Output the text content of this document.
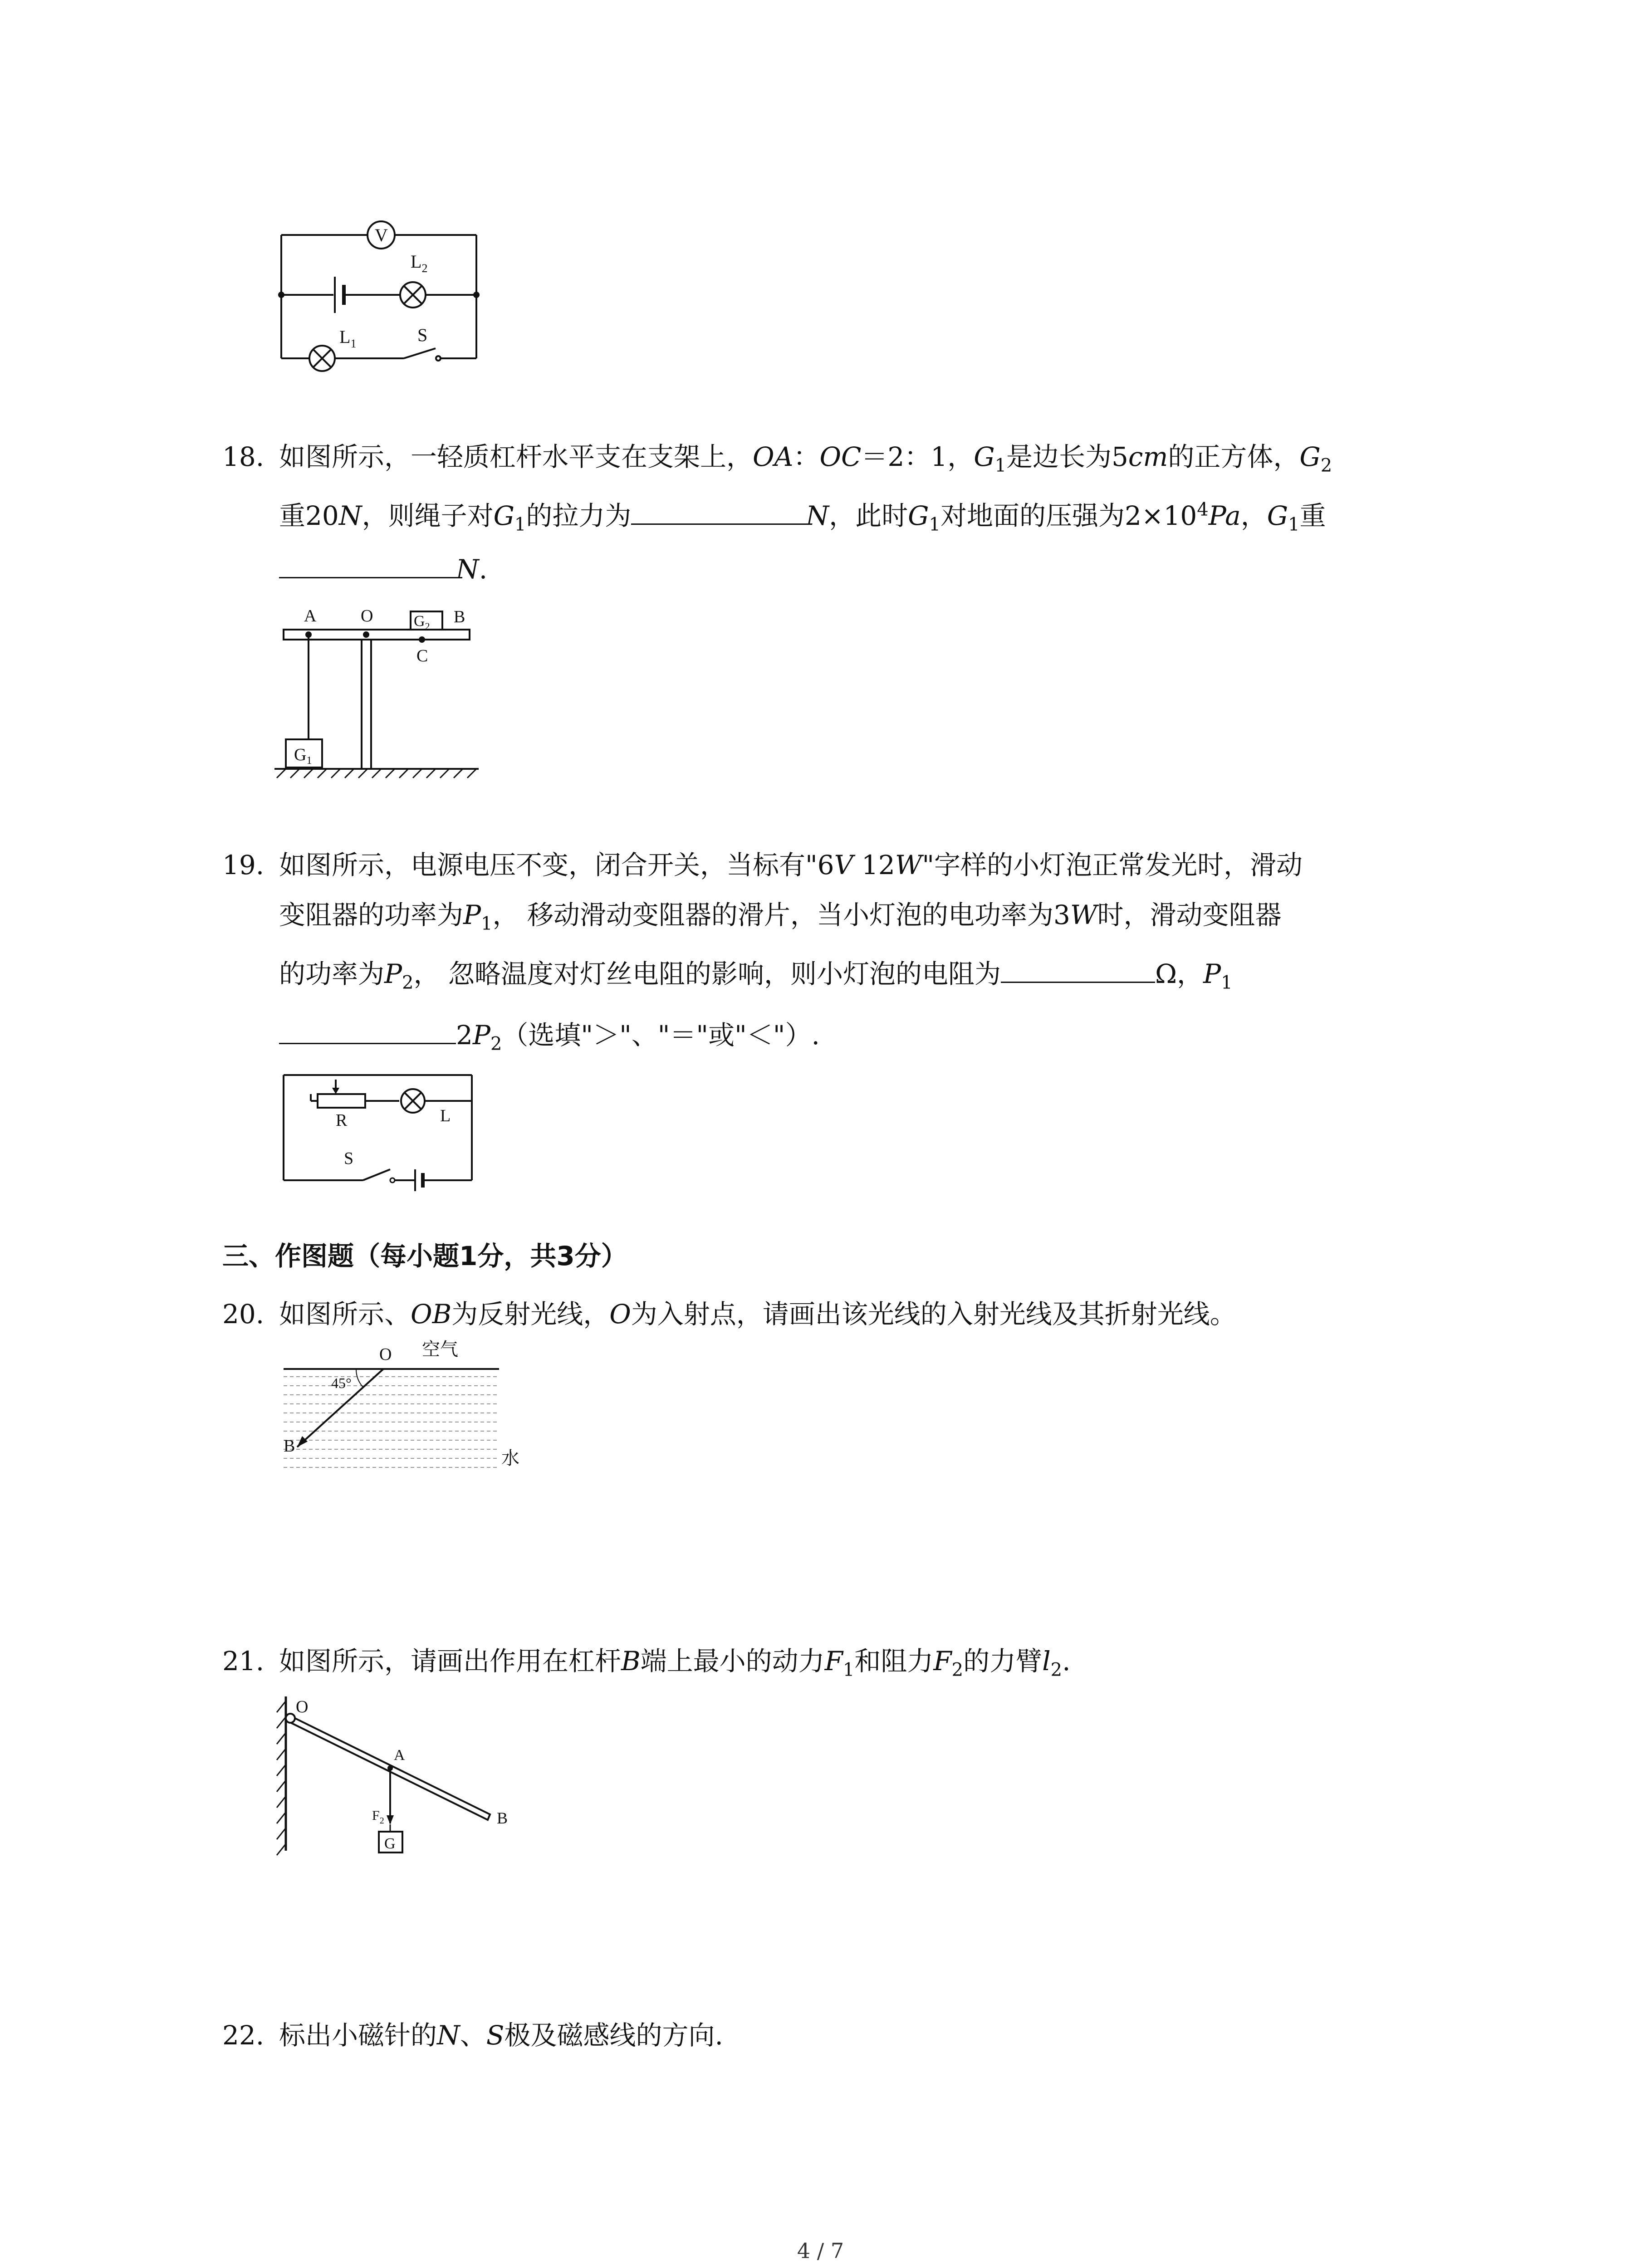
V
$L_2$
$L_1$	S
18. 如图所示，一轻质杠杆水平支在支架上，OA：OC＝2：1，$G_1$是边长为5cm的正方体，$G_2$
重20N，则绳子对$G_1$的拉力为	N，此时$G_1$对地面的压强为$2\times 10^4Pa$，$G_1$重
N.
A	O	$G_2$ B
C
$G_1$
19. 如图所示，电源电压不变，闭合开关，当标有"6V 12W"字样的小灯泡正常发光时，滑动
变阻器的功率为$P_1$， 移动滑动变阻器的滑片，当小灯泡的电功率为3W时，滑动变阻器
的功率为$P_2$， 忽略温度对灯丝电阻的影响，则小灯泡的电阻为	Ω，$P_1$
$2P_2$（选填"＞"、"＝"或"＜"）.
R	L
S
三、作图题（每小题1分，共3分）
20. 如图所示、OB为反射光线，O为入射点，请画出该光线的入射光线及其折射光线。
O 空气
45°
B
水
21. 如图所示，请画出作用在杠杆B端上最小的动力$F_1$和阻力$F_2$的力臂$l_2$.
O
A
$F_2$
G
B
22. 标出小磁针的N、S极及磁感线的方向.
4 / 7
